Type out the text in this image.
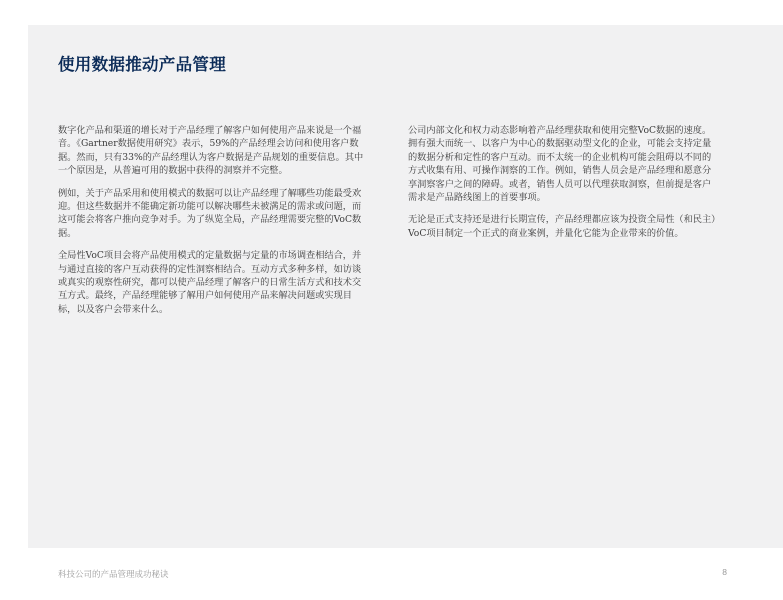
使用数据推动产品管理

数字化产品和渠道的增长对于产品经理了解客户如何使用产品来说是一个福音。《Gartner数据使用研究》表示，59%的产品经理会访问和使用客户数据。然而，只有33%的产品经理认为客户数据是产品规划的重要信息。其中一个原因是，从普遍可用的数据中获得的洞察并不完整。

例如，关于产品采用和使用模式的数据可以让产品经理了解哪些功能最受欢迎。但这些数据并不能确定新功能可以解决哪些未被满足的需求或问题，而这可能会将客户推向竞争对手。为了纵览全局，产品经理需要完整的VoC数据。

全局性VoC项目会将产品使用模式的定量数据与定量的市场调查相结合，并与通过直接的客户互动获得的定性洞察相结合。互动方式多种多样，如访谈或真实的观察性研究，都可以使产品经理了解客户的日常生活方式和技术交互方式。最终，产品经理能够了解用户如何使用产品来解决问题或实现目标，以及客户会带来什么。

公司内部文化和权力动态影响着产品经理获取和使用完整VoC数据的速度。拥有强大而统一、以客户为中心的数据驱动型文化的企业，可能会支持定量的数据分析和定性的客户互动。而不太统一的企业机构可能会阻碍以不同的方式收集有用、可操作洞察的工作。例如，销售人员会是产品经理和愿意分享洞察客户之间的障碍。或者，销售人员可以代理获取洞察，但前提是客户需求是产品路线图上的首要事项。

无论是正式支持还是进行长期宣传，产品经理都应该为投资全局性（和民主）VoC项目制定一个正式的商业案例，并量化它能为企业带来的价值。

科技公司的产品管理成功秘诀	8
